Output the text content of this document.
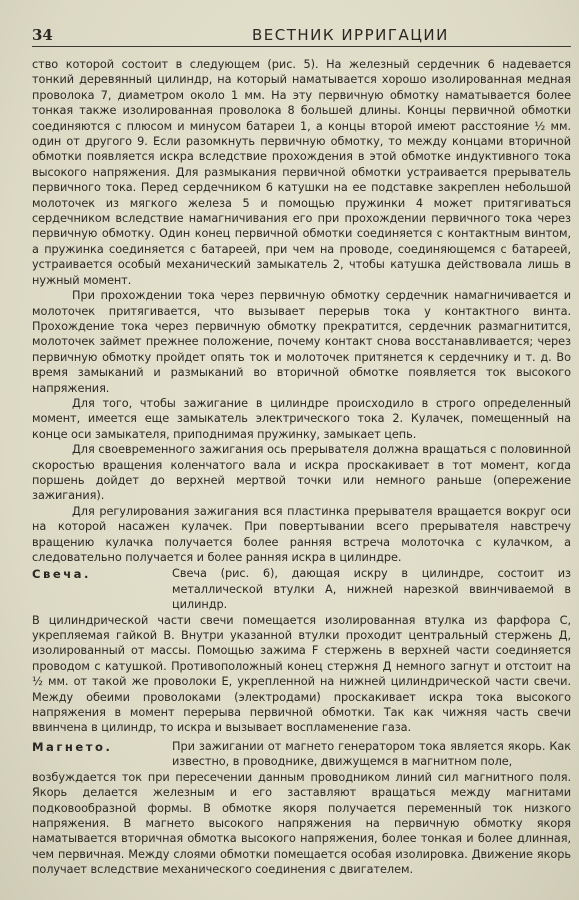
34	ВЕСТНИК ИРРИГАЦИИ

ство которой состоит в следующем (рис. 5). На железный сердечник 6 надевается тонкий деревянный цилиндр, на который наматывается хорошо изолированная медная проволока 7, диаметром около 1 мм. На эту первичную обмотку наматывается более тонкая также изолированная проволока 8 большей длины. Концы первичной обмотки соединяются с плюсом и минусом батареи 1, а концы второй имеют расстояние ½ мм. один от другого 9. Если разомкнуть первичную обмотку, то между концами вторичной обмотки появляется искра вследствие прохождения в этой обмотке индуктивного тока высокого напряжения. Для размыкания первичной обмотки устраивается прерыватель первичного тока. Перед сердечником 6 катушки на ее подставке закреплен небольшой молоточек из мягкого железа 5 и помощью пружинки 4 может притягиваться сердечником вследствие намагничивания его при прохождении первичного тока через первичную обмотку. Один конец первичной обмотки соединяется с контактным винтом, а пружинка соединяется с батареей, при чем на проводе, соединяющемся с батареей, устраивается особый механический замыкатель 2, чтобы катушка действовала лишь в нужный момент.

При прохождении тока через первичную обмотку сердечник намагничивается и молоточек притягивается, что вызывает перерыв тока у контактного винта. Прохождение тока через первичную обмотку прекратится, сердечник размагнитится, молоточек займет прежнее положение, почему контакт снова восстанавливается; через первичную обмотку пройдет опять ток и молоточек притянется к сердечнику и т. д. Во время замыканий и размыканий во вторичной обмотке появляется ток высокого напряжения.

Для того, чтобы зажигание в цилиндре происходило в строго определенный момент, имеется еще замыкатель электрического тока 2. Кулачек, помещенный на конце оси замыкателя, приподнимая пружинку, замыкает цепь.

Для своевременного зажигания ось прерывателя должна вращаться с половинной скоростью вращения коленчатого вала и искра проскакивает в тот момент, когда поршень дойдет до верхней мертвой точки или немного раньше (опережение зажигания).

Для регулирования зажигания вся пластинка прерывателя вращается вокруг оси на которой насажен кулачек. При повертывании всего прерывателя навстречу вращению кулачка получается более ранняя встреча молоточка с кулачком, а следовательно получается и более ранняя искра в цилиндре.

Свеча.	Свеча (рис. 6), дающая искру в цилиндре, состоит из металлической втулки А, нижней нарезкой ввинчиваемой в цилиндр.

В цилиндрической части свечи помещается изолированная втулка из фарфора С, укрепляемая гайкой В. Внутри указанной втулки проходит центральный стержень Д, изолированный от массы. Помощью зажима F стержень в верхней части соединяется проводом с катушкой. Противоположный конец стержня Д немного загнут и отстоит на ½ мм. от такой же проволоки Е, укрепленной на нижней цилиндрической части свечи. Между обеими проволоками (электродами) проскакивает искра тока высокого напряжения в момент перерыва первичной обмотки. Так как чижняя часть свечи ввинчена в цилиндр, то искра и вызывает воспламенение газа.

Магнето.	При зажигании от магнето генератором тока является якорь. Как известно, в проводнике, движущемся в магнитном поле,

возбуждается ток при пересечении данным проводником линий сил магнитного поля. Якорь делается железным и его заставляют вращаться между магнитами подковообразной формы. В обмотке якоря получается переменный ток низкого напряжения. В магнето высокого напряжения на первичную обмотку якоря наматывается вторичная обмотка высокого напряжения, более тонкая и более длинная, чем первичная. Между слоями обмотки помещается особая изолировка. Движение якорь получает вследствие механического соединения с двигателем.
